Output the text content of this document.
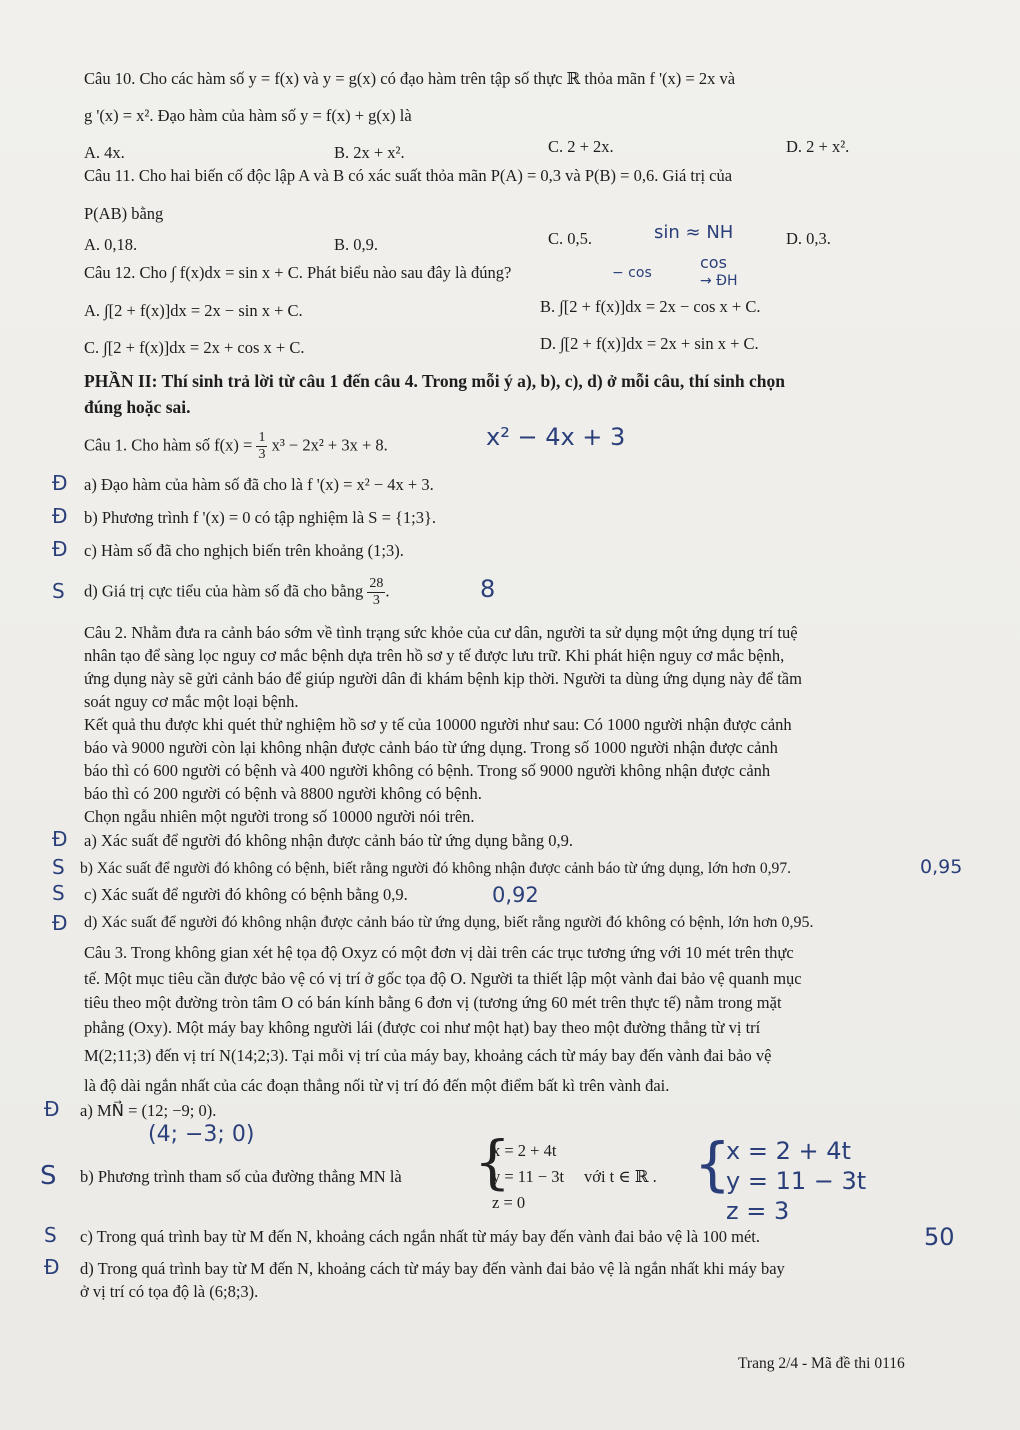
Câu 10. Cho các hàm số y = f(x) và y = g(x) có đạo hàm trên tập số thực ℝ thỏa mãn f '(x) = 2x và
g '(x) = x². Đạo hàm của hàm số y = f(x) + g(x) là
A. 4x.	B. 2x + x².	C. 2 + 2x.	D. 2 + x².
Câu 11. Cho hai biến cố độc lập A và B có xác suất thỏa mãn P(A) = 0,3 và P(B) = 0,6. Giá trị của
P(AB) bằng
A. 0,18.	B. 0,9.	C. 0,5.	D. 0,3.
sin ≈ NH
Câu 12. Cho ∫ f(x)dx = sin x + C. Phát biểu nào sau đây là đúng?	− cos
cos
→ ĐH
A. ∫[2 + f(x)]dx = 2x − sin x + C.	B. ∫[2 + f(x)]dx = 2x − cos x + C.
C. ∫[2 + f(x)]dx = 2x + cos x + C.	D. ∫[2 + f(x)]dx = 2x + sin x + C.
PHẦN II: Thí sinh trả lời từ câu 1 đến câu 4. Trong mỗi ý a), b), c), d) ở mỗi câu, thí sinh chọn
đúng hoặc sai.
Câu 1. Cho hàm số $f(x) = \frac{1}{3} x^3 - 2x^2 + 3x + 8$.	x² − 4x + 3
Đ a) Đạo hàm của hàm số đã cho là f '(x) = x² − 4x + 3.
Đ b) Phương trình f '(x) = 0 có tập nghiệm là S = {1;3}.
Đ c) Hàm số đã cho nghịch biến trên khoảng (1;3).
S d) Giá trị cực tiểu của hàm số đã cho bằng $\frac{28}{3}$ .	8
Câu 2. Nhằm đưa ra cảnh báo sớm về tình trạng sức khỏe của cư dân, người ta sử dụng một ứng dụng trí tuệ
nhân tạo để sàng lọc nguy cơ mắc bệnh dựa trên hồ sơ y tế được lưu trữ. Khi phát hiện nguy cơ mắc bệnh,
ứng dụng này sẽ gửi cảnh báo để giúp người dân đi khám bệnh kịp thời. Người ta dùng ứng dụng này để tầm
soát nguy cơ mắc một loại bệnh.
Kết quả thu được khi quét thử nghiệm hồ sơ y tế của 10000 người như sau: Có 1000 người nhận được cảnh
báo và 9000 người còn lại không nhận được cảnh báo từ ứng dụng. Trong số 1000 người nhận được cảnh
báo thì có 600 người có bệnh và 400 người không có bệnh. Trong số 9000 người không nhận được cảnh
báo thì có 200 người có bệnh và 8800 người không có bệnh.
Chọn ngẫu nhiên một người trong số 10000 người nói trên.
Đ a) Xác suất để người đó không nhận được cảnh báo từ ứng dụng bằng 0,9.
S b) Xác suất để người đó không có bệnh, biết rằng người đó không nhận được cảnh báo từ ứng dụng, lớn hơn 0,97.	0,95
S c) Xác suất để người đó không có bệnh bằng 0,9.	0,92
Đ d) Xác suất để người đó không nhận được cảnh báo từ ứng dụng, biết rằng người đó không có bệnh, lớn hơn 0,95.
Câu 3. Trong không gian xét hệ tọa độ Oxyz có một đơn vị dài trên các trục tương ứng với 10 mét trên thực
tế. Một mục tiêu cần được bảo vệ có vị trí ở gốc tọa độ O. Người ta thiết lập một vành đai bảo vệ quanh mục
tiêu theo một đường tròn tâm O có bán kính bằng 6 đơn vị (tương ứng 60 mét trên thực tế) nằm trong mặt
phẳng (Oxy). Một máy bay không người lái (được coi như một hạt) bay theo một đường thẳng từ vị trí
M(2;11;3) đến vị trí N(14;2;3). Tại mỗi vị trí của máy bay, khoảng cách từ máy bay đến vành đai bảo vệ
là độ dài ngắn nhất của các đoạn thẳng nối từ vị trí đó đến một điểm bất kì trên vành đai.
Đ a) MN⃗ = (12; −9; 0).
(4; −3; 0)
S b) Phương trình tham số của đường thẳng MN là {
x = 2 + 4t
y = 11 − 3t
z = 0
với t ∈ ℝ . {
x = 2 + 4t
y = 11 − 3t
z = 3
S c) Trong quá trình bay từ M đến N, khoảng cách ngắn nhất từ máy bay đến vành đai bảo vệ là 100 mét.	50
Đ d) Trong quá trình bay từ M đến N, khoảng cách từ máy bay đến vành đai bảo vệ là ngắn nhất khi máy bay
ở vị trí có tọa độ là (6;8;3).
Trang 2/4 - Mã đề thi 0116
